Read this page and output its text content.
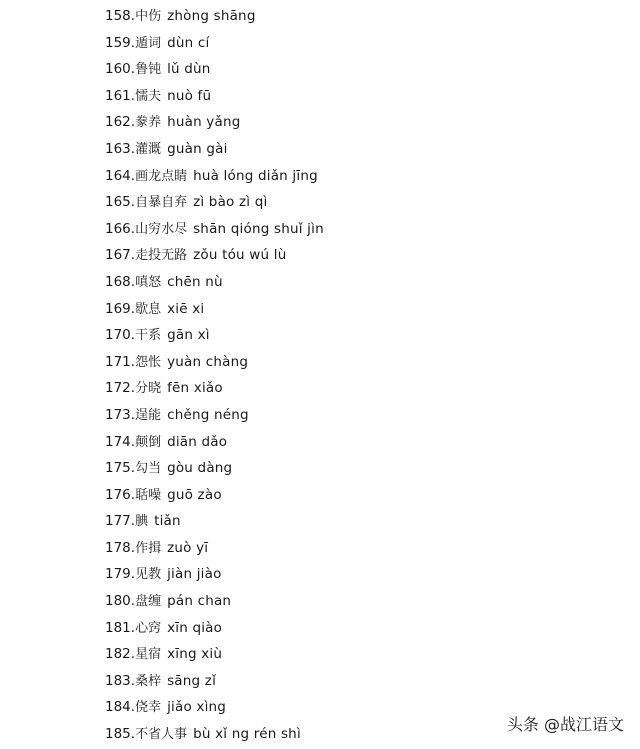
158.中伤 zhòng shāng
159.遁词 dùn cí
160.鲁钝 lǔ dùn
161.懦夫 nuò fū
162.豢养 huàn yǎng
163.灌溉 guàn gài
164.画龙点睛 huà lóng diǎn jīng
165.自暴自弃 zì bào zì qì
166.山穷水尽 shān qióng shuǐ jìn
167.走投无路 zǒu tóu wú lù
168.嗔怒 chēn nù
169.歇息 xiē xi
170.干系 gān xì
171.怨怅 yuàn chàng
172.分晓 fēn xiǎo
173.逞能 chěng néng
174.颠倒 diān dǎo
175.勾当 gòu dàng
176.聒噪 guō zào
177.腆 tiǎn
178.作揖 zuò yī
179.见教 jiàn jiào
180.盘缠 pán chan
181.心窍 xīn qiào
182.星宿 xīng xiù
183.桑梓 sāng zǐ
184.侥幸 jiǎo xìng
185.不省人事 bù xǐ ng rén shì
头条 @战江语文
